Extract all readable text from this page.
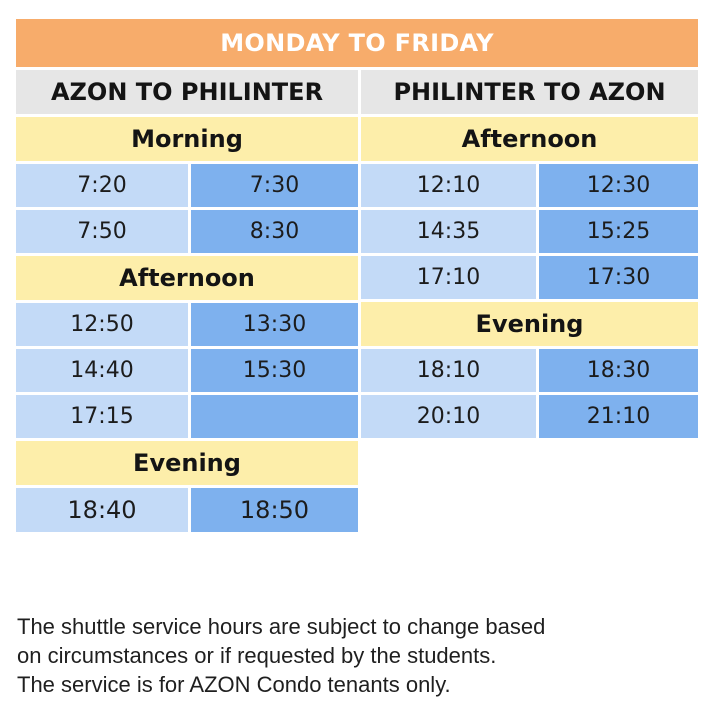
MONDAY TO FRIDAY
AZON TO PHILINTER
Morning
7:20	7:30
7:50	8:30
Afternoon
12:50	13:30
14:40	15:30
17:15
Evening
18:40	18:50
PHILINTER TO AZON
Afternoon
12:10	12:30
14:35	15:25
17:10	17:30
Evening
18:10	18:30
20:10	21:10

The shuttle service hours are subject to change based

on circumstances or if requested by the students.

The service is for AZON Condo tenants only.
